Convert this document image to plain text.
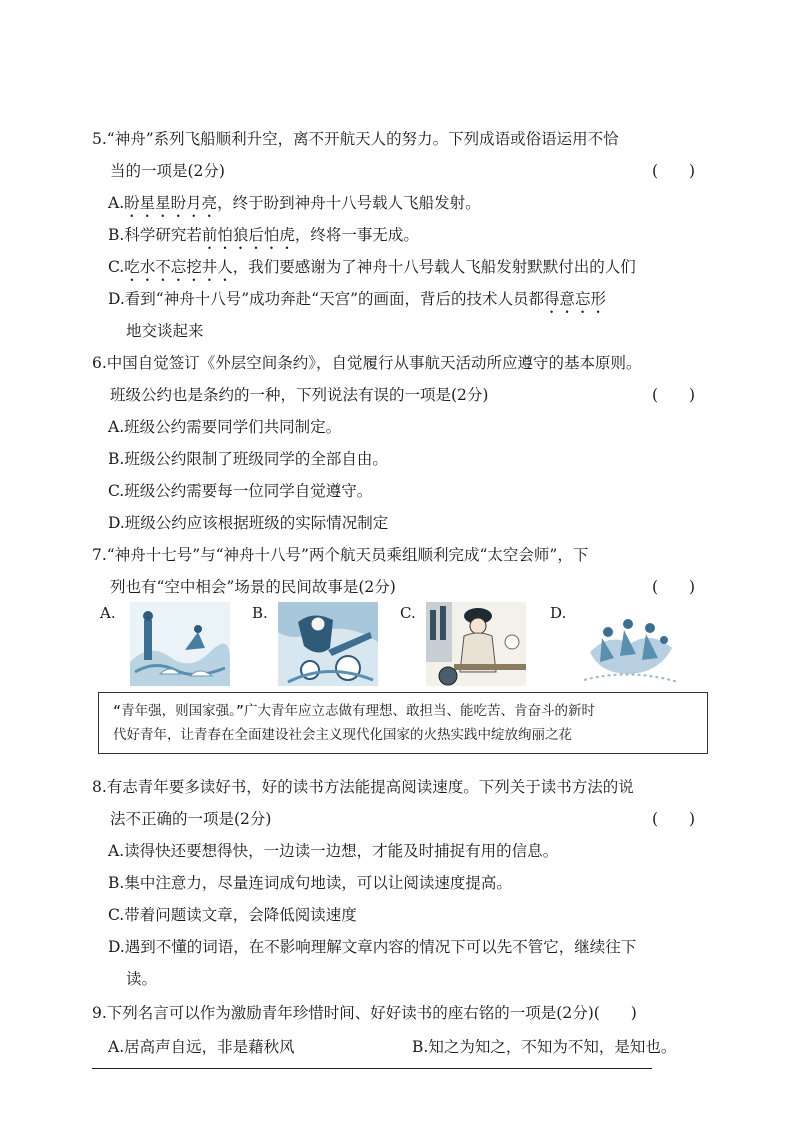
5.“神舟”系列飞船顺利升空，离不开航天人的努力。下列成语或俗语运用不恰
当的一项是(2分)	(　　)
A.盼星星盼月亮，终于盼到神舟十八号载人飞船发射。
B.科学研究若前怕狼后怕虎，终将一事无成。
C.吃水不忘挖井人，我们要感谢为了神舟十八号载人飞船发射默默付出的人们
D.看到“神舟十八号”成功奔赴“天宫”的画面，背后的技术人员都得意忘形
地交谈起来
6.中国自觉签订《外层空间条约》，自觉履行从事航天活动所应遵守的基本原则。
班级公约也是条约的一种，下列说法有误的一项是(2分)	(　　)
A.班级公约需要同学们共同制定。
B.班级公约限制了班级同学的全部自由。
C.班级公约需要每一位同学自觉遵守。
D.班级公约应该根据班级的实际情况制定
7.“神舟十七号”与“神舟十八号”两个航天员乘组顺利完成“太空会师”，下
列也有“空中相会”场景的民间故事是(2分)	(　　)
A.	B.	C.	D.
“青年强，则国家强。”广大青年应立志做有理想、敢担当、能吃苦、肯奋斗的新时
代好青年，让青春在全面建设社会主义现代化国家的火热实践中绽放绚丽之花
8.有志青年要多读好书，好的读书方法能提高阅读速度。下列关于读书方法的说
法不正确的一项是(2分)	(　　)
A.读得快还要想得快，一边读一边想，才能及时捕捉有用的信息。
B.集中注意力，尽量连词成句地读，可以让阅读速度提高。
C.带着问题读文章，会降低阅读速度
D.遇到不懂的词语，在不影响理解文章内容的情况下可以先不管它，继续往下
读。
9.下列名言可以作为激励青年珍惜时间、好好读书的座右铭的一项是(2分)(　　)
A.居高声自远，非是藉秋风	B.知之为知之，不知为不知，是知也。
